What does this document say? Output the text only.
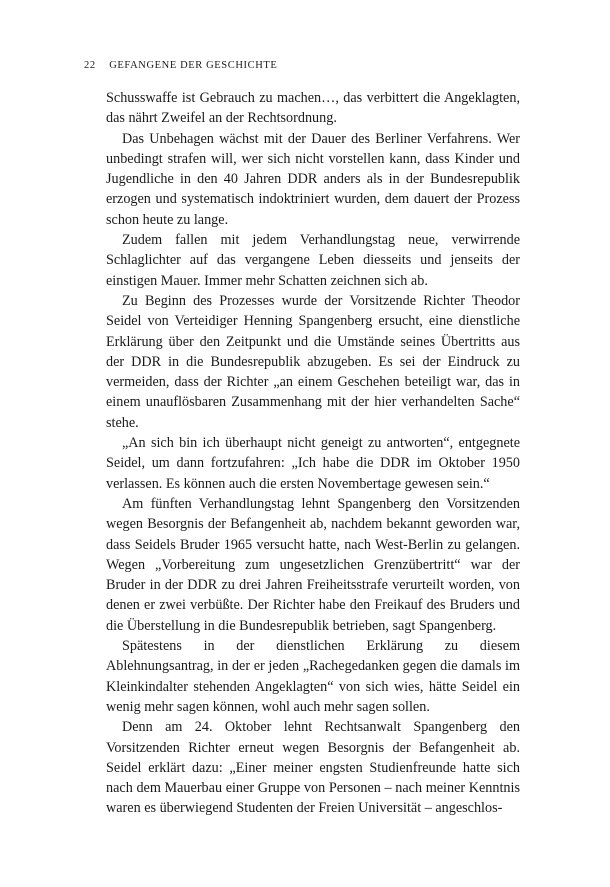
22 GEFANGENE DER GESCHICHTE

Schusswaffe ist Gebrauch zu machen…, das verbittert die Angeklagten, das nährt Zweifel an der Rechtsordnung.

Das Unbehagen wächst mit der Dauer des Berliner Verfahrens. Wer unbedingt strafen will, wer sich nicht vorstellen kann, dass Kinder und Jugendliche in den 40 Jahren DDR anders als in der Bundesrepublik erzogen und systematisch indoktriniert wurden, dem dauert der Prozess schon heute zu lange.

Zudem fallen mit jedem Verhandlungstag neue, verwirrende Schlaglichter auf das vergangene Leben diesseits und jenseits der einstigen Mauer. Immer mehr Schatten zeichnen sich ab.

Zu Beginn des Prozesses wurde der Vorsitzende Richter Theodor Seidel von Verteidiger Henning Spangenberg ersucht, eine dienstliche Erklärung über den Zeitpunkt und die Umstände seines Übertritts aus der DDR in die Bundesrepublik abzugeben. Es sei der Eindruck zu vermeiden, dass der Richter „an einem Geschehen beteiligt war, das in einem unauflösbaren Zusammenhang mit der hier verhandelten Sache“ stehe.

„An sich bin ich überhaupt nicht geneigt zu antworten“, entgegnete Seidel, um dann fortzufahren: „Ich habe die DDR im Oktober 1950 verlassen. Es können auch die ersten Novembertage gewesen sein.“

Am fünften Verhandlungstag lehnt Spangenberg den Vorsitzenden wegen Besorgnis der Befangenheit ab, nachdem bekannt geworden war, dass Seidels Bruder 1965 versucht hatte, nach West-Berlin zu gelangen. Wegen „Vorbereitung zum ungesetzlichen Grenzübertritt“ war der Bruder in der DDR zu drei Jahren Freiheitsstrafe verurteilt worden, von denen er zwei verbüßte. Der Richter habe den Freikauf des Bruders und die Überstellung in die Bundesrepublik betrieben, sagt Spangenberg.

Spätestens in der dienstlichen Erklärung zu diesem Ablehnungsantrag, in der er jeden „Rachegedanken gegen die damals im Kleinkindalter stehenden Angeklagten“ von sich wies, hätte Seidel ein wenig mehr sagen können, wohl auch mehr sagen sollen.

Denn am 24. Oktober lehnt Rechtsanwalt Spangenberg den Vorsitzenden Richter erneut wegen Besorgnis der Befangenheit ab. Seidel erklärt dazu: „Einer meiner engsten Studienfreunde hatte sich nach dem Mauerbau einer Gruppe von Personen – nach meiner Kenntnis waren es überwiegend Studenten der Freien Universität – angeschlos-
